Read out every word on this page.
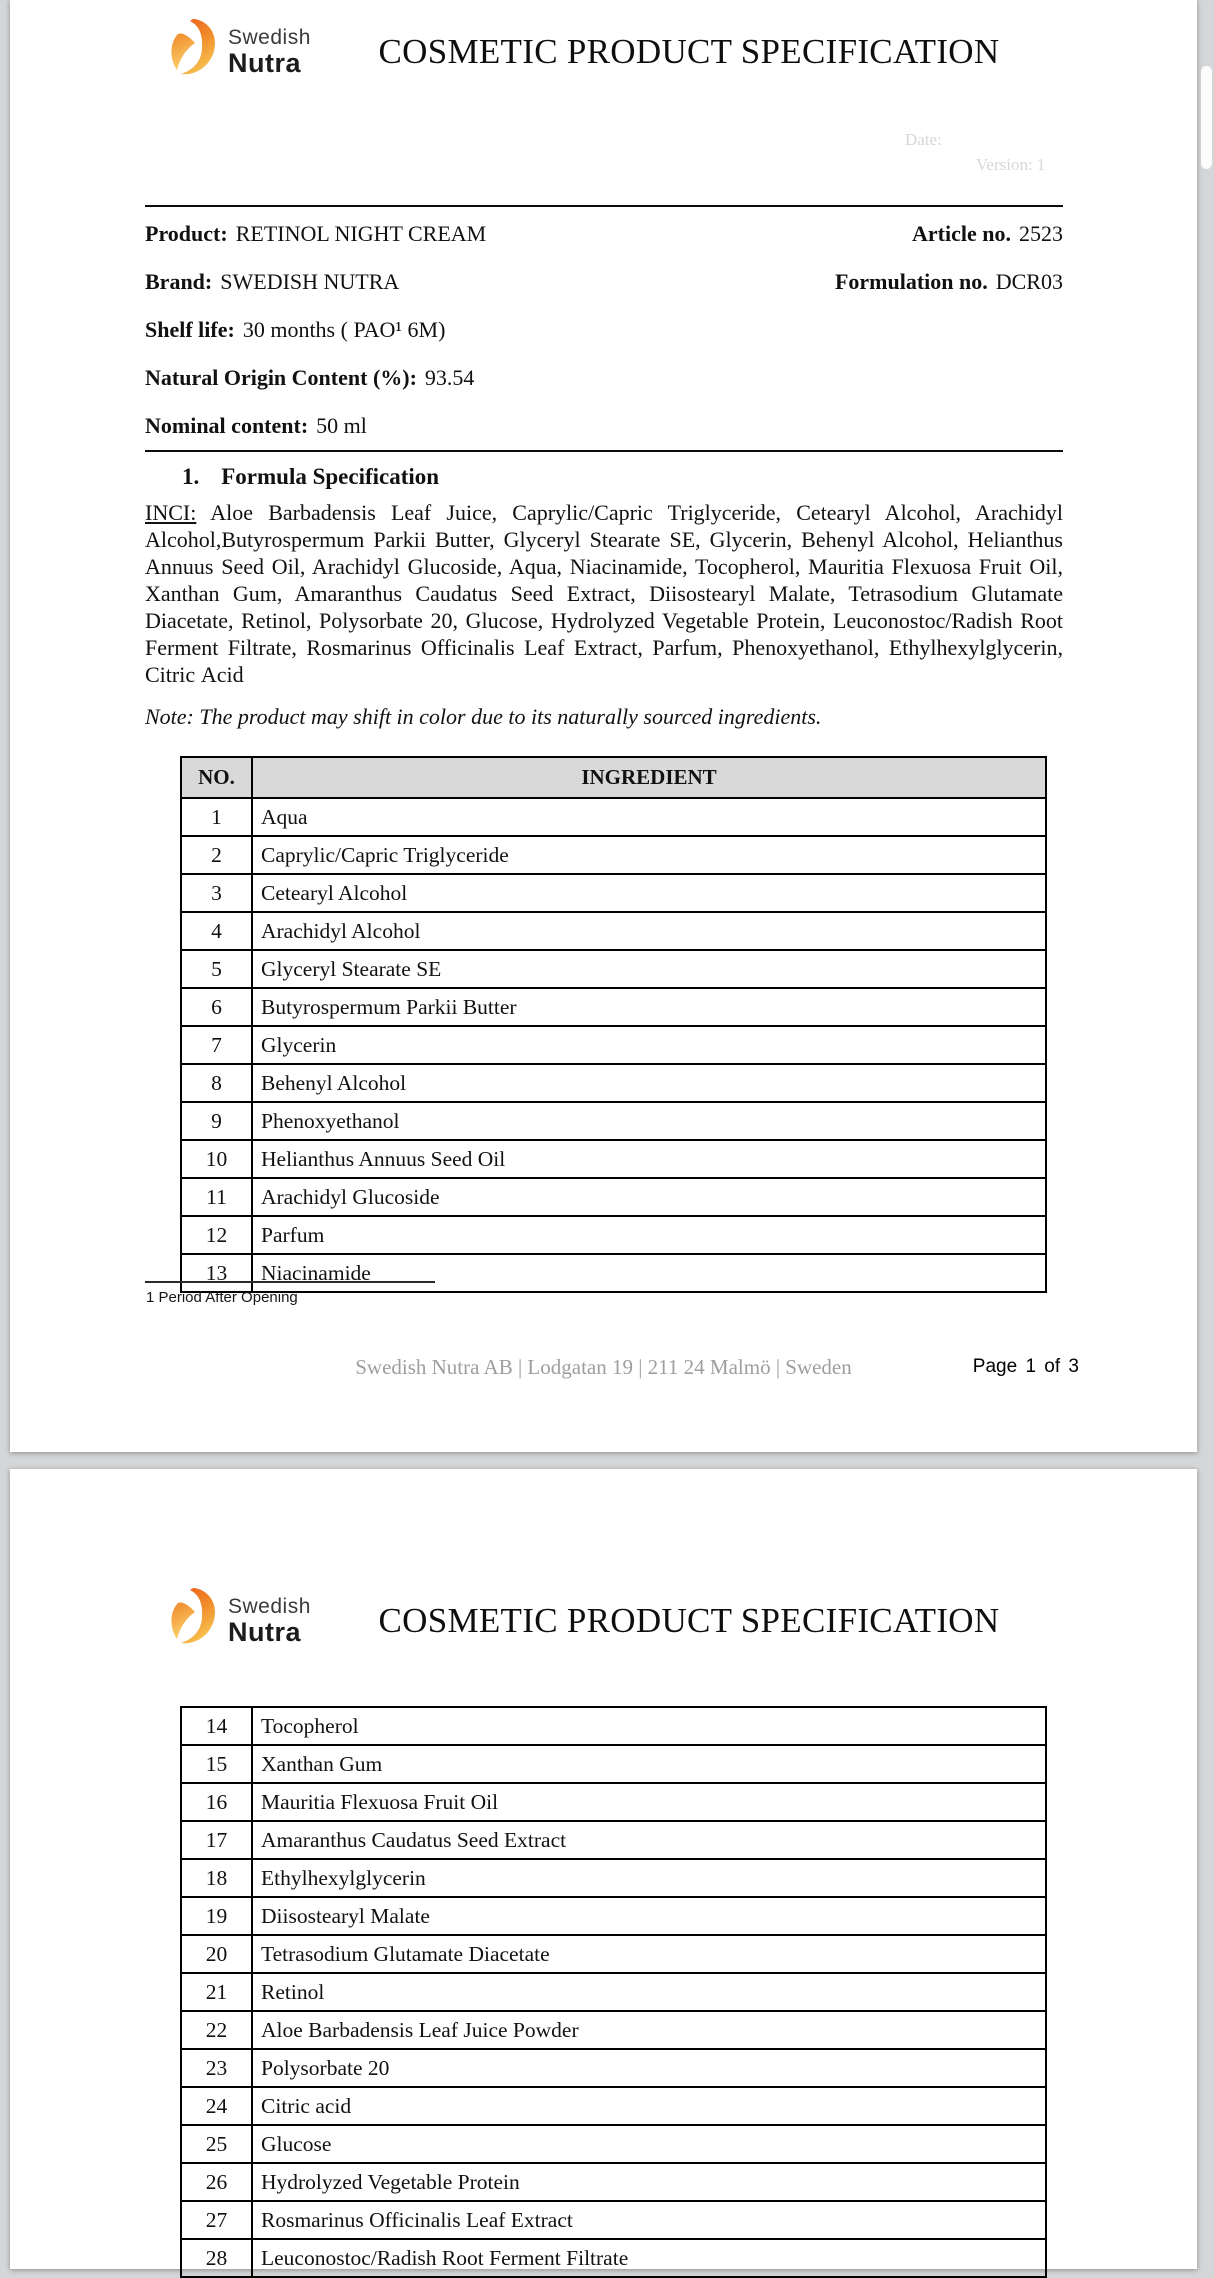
Swedish
Nutra	COSMETIC PRODUCT SPECIFICATION
Date:
Version: 1
Product: RETINOL NIGHT CREAM	Article no. 2523
Brand: SWEDISH NUTRA	Formulation no. DCR03
Shelf life: 30 months ( PAO¹ 6M)
Natural Origin Content (%): 93.54
Nominal content: 50 ml
1. Formula Specification
INCI: Aloe Barbadensis Leaf Juice, Caprylic/Capric Triglyceride, Cetearyl Alcohol, Arachidyl Alcohol,Butyrospermum Parkii Butter, Glyceryl Stearate SE, Glycerin, Behenyl Alcohol, Helianthus Annuus Seed Oil, Arachidyl Glucoside, Aqua, Niacinamide, Tocopherol, Mauritia Flexuosa Fruit Oil, Xanthan Gum, Amaranthus Caudatus Seed Extract, Diisostearyl Malate, Tetrasodium Glutamate Diacetate, Retinol, Polysorbate 20, Glucose, Hydrolyzed Vegetable Protein, Leuconostoc/Radish Root Ferment Filtrate, Rosmarinus Officinalis Leaf Extract, Parfum, Phenoxyethanol, Ethylhexylglycerin, Citric Acid
Note: The product may shift in color due to its naturally sourced ingredients.
NO.	INGREDIENT
1	Aqua
2	Caprylic/Capric Triglyceride
3	Cetearyl Alcohol
4	Arachidyl Alcohol
5	Glyceryl Stearate SE
6	Butyrospermum Parkii Butter
7	Glycerin
8	Behenyl Alcohol
9	Phenoxyethanol
10	Helianthus Annuus Seed Oil
11	Arachidyl Glucoside
12	Parfum
13	Niacinamide
1 Period After Opening
Swedish Nutra AB | Lodgatan 19 | 211 24 Malmö | Sweden	Page 1 of 3
Swedish
Nutra	COSMETIC PRODUCT SPECIFICATION
14	Tocopherol
15	Xanthan Gum
16	Mauritia Flexuosa Fruit Oil
17	Amaranthus Caudatus Seed Extract
18	Ethylhexylglycerin
19	Diisostearyl Malate
20	Tetrasodium Glutamate Diacetate
21	Retinol
22	Aloe Barbadensis Leaf Juice Powder
23	Polysorbate 20
24	Citric acid
25	Glucose
26	Hydrolyzed Vegetable Protein
27	Rosmarinus Officinalis Leaf Extract
28	Leuconostoc/Radish Root Ferment Filtrate
